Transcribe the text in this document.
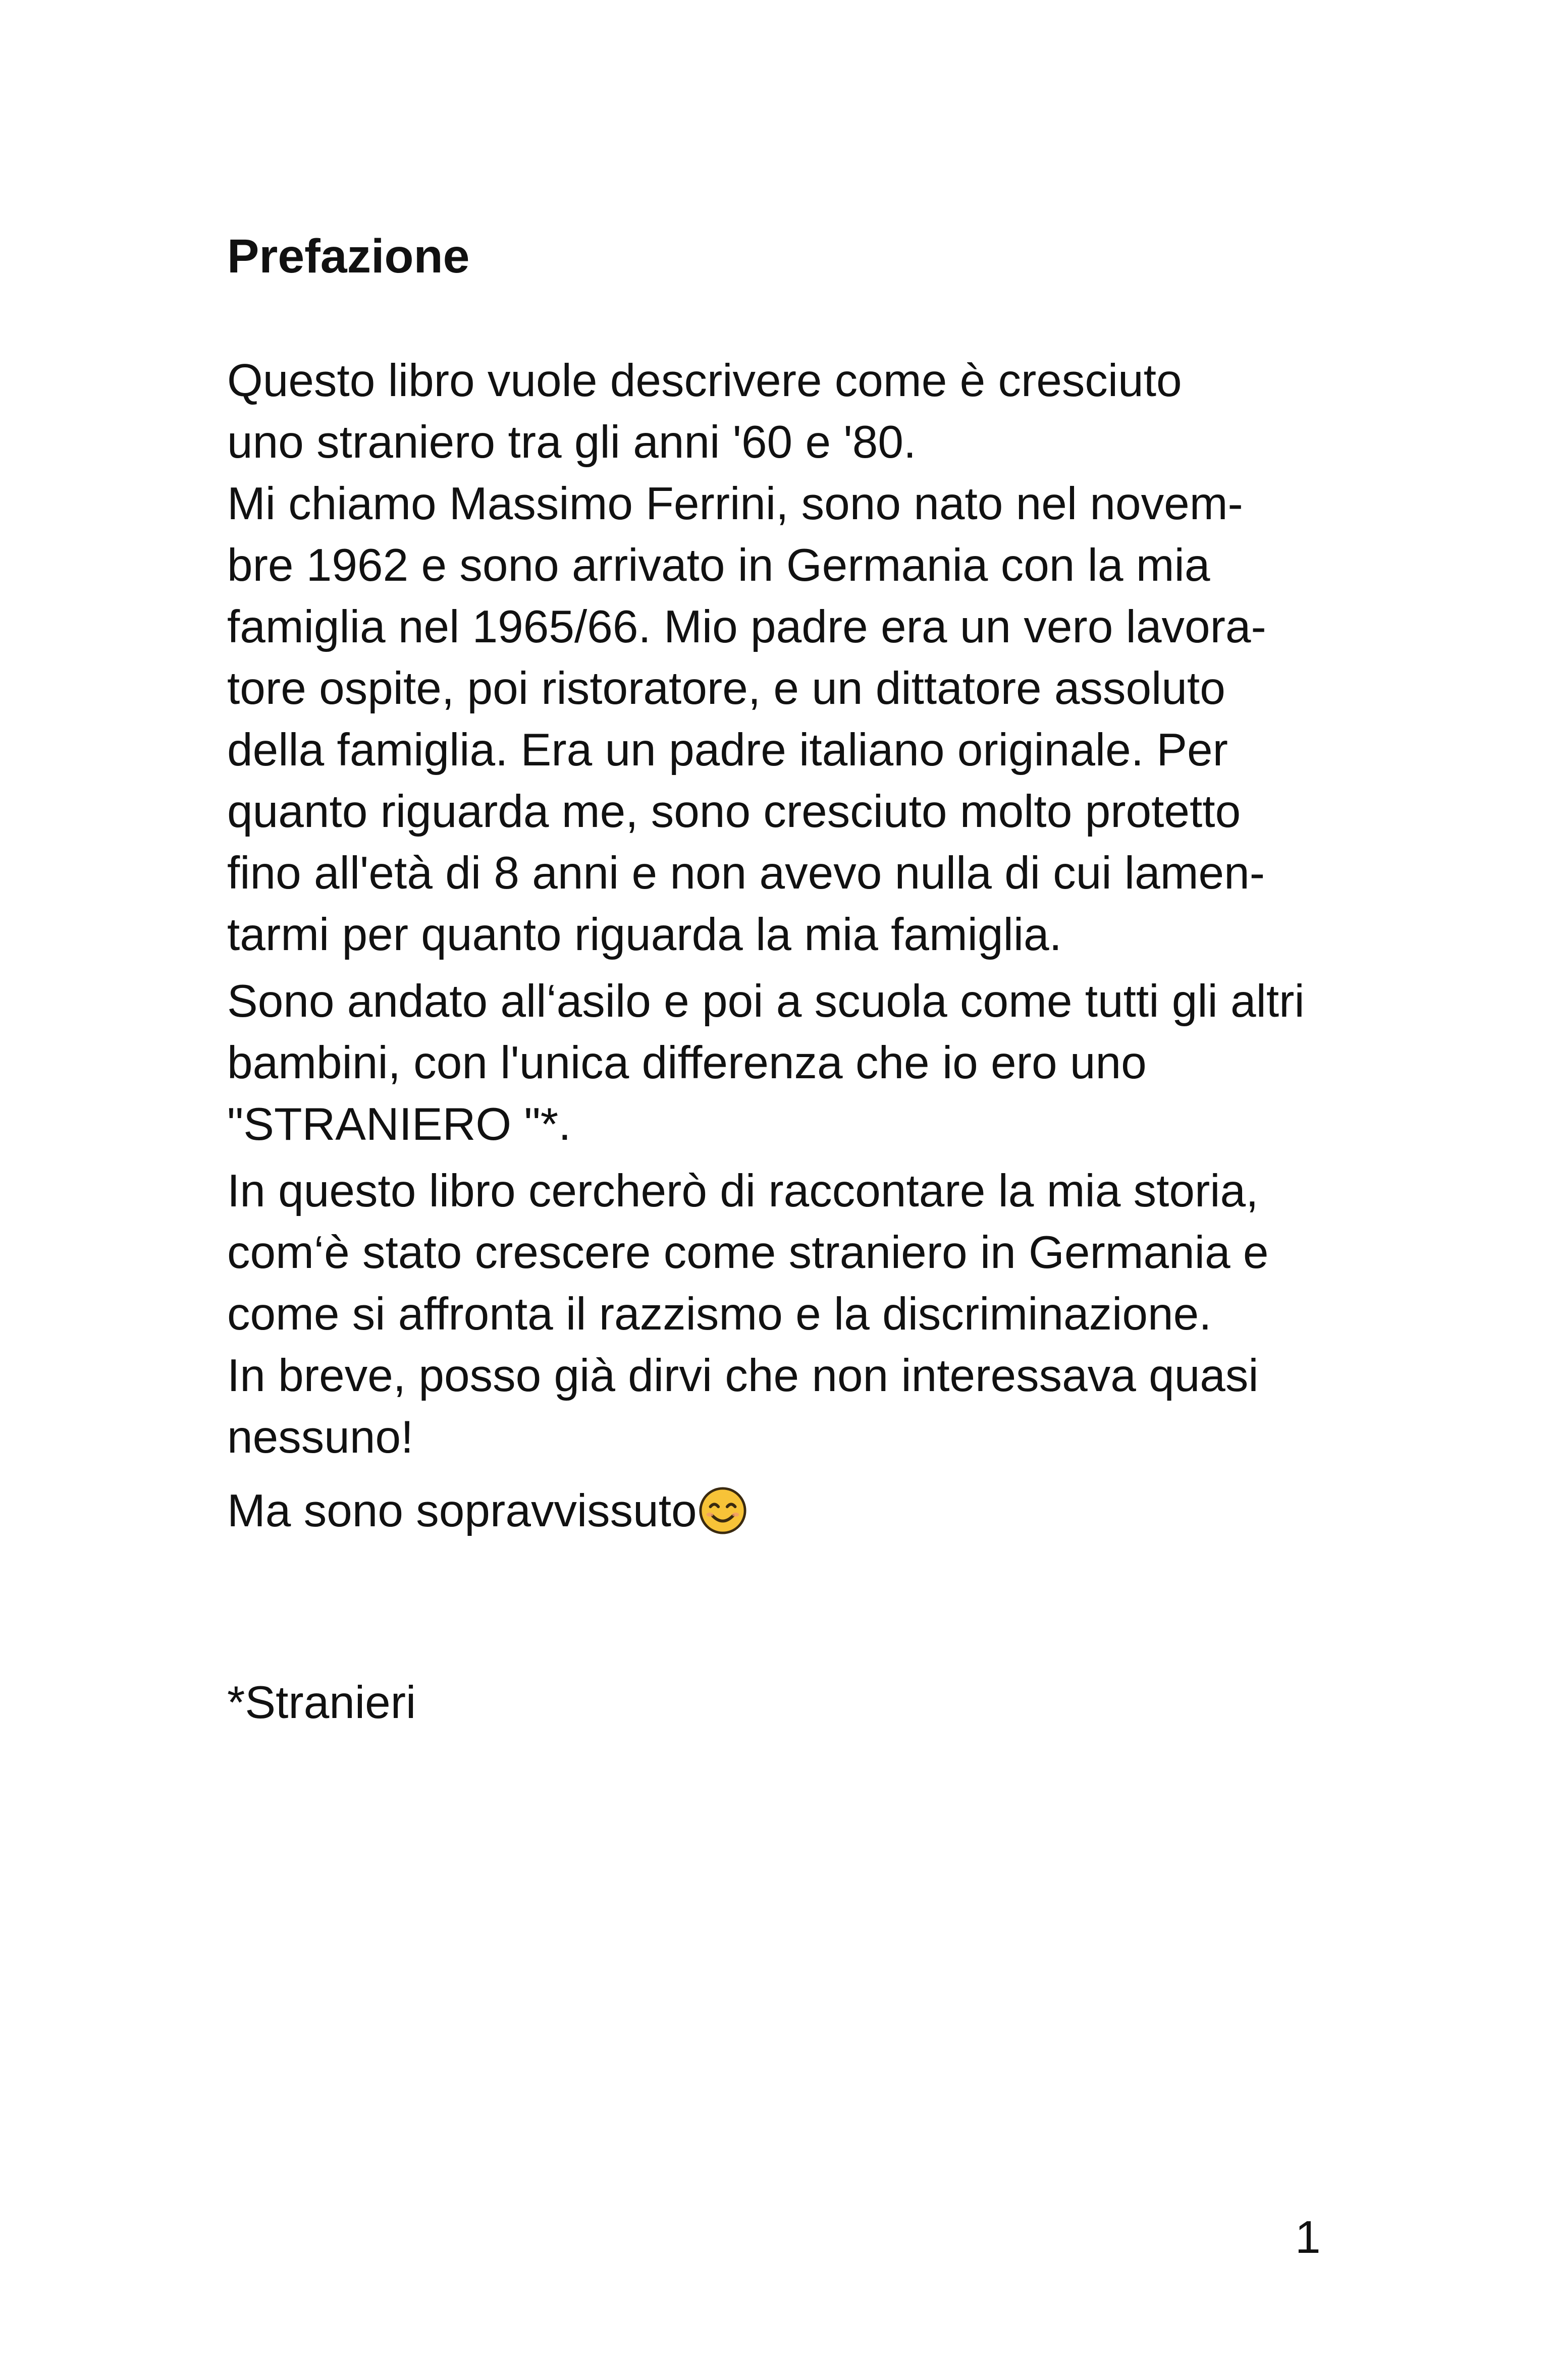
Prefazione

Questo libro vuole descrivere come è cresciuto

uno straniero tra gli anni '60 e '80.

Mi chiamo Massimo Ferrini, sono nato nel novem-

bre 1962 e sono arrivato in Germania con la mia

famiglia nel 1965/66. Mio padre era un vero lavora-

tore ospite, poi ristoratore, e un dittatore assoluto

della famiglia. Era un padre italiano originale. Per

quanto riguarda me, sono cresciuto molto protetto

fino all'età di 8 anni e non avevo nulla di cui lamen-

tarmi per quanto riguarda la mia famiglia.

Sono andato all‘asilo e poi a scuola come tutti gli altri

bambini, con l'unica differenza che io ero uno

"STRANIERO "*.

In questo libro cercherò di raccontare la mia storia,

com‘è stato crescere come straniero in Germania e

come si affronta il razzismo e la discriminazione.

In breve, posso già dirvi che non interessava quasi

nessuno!

Ma sono sopravvissuto

*Stranieri

1
